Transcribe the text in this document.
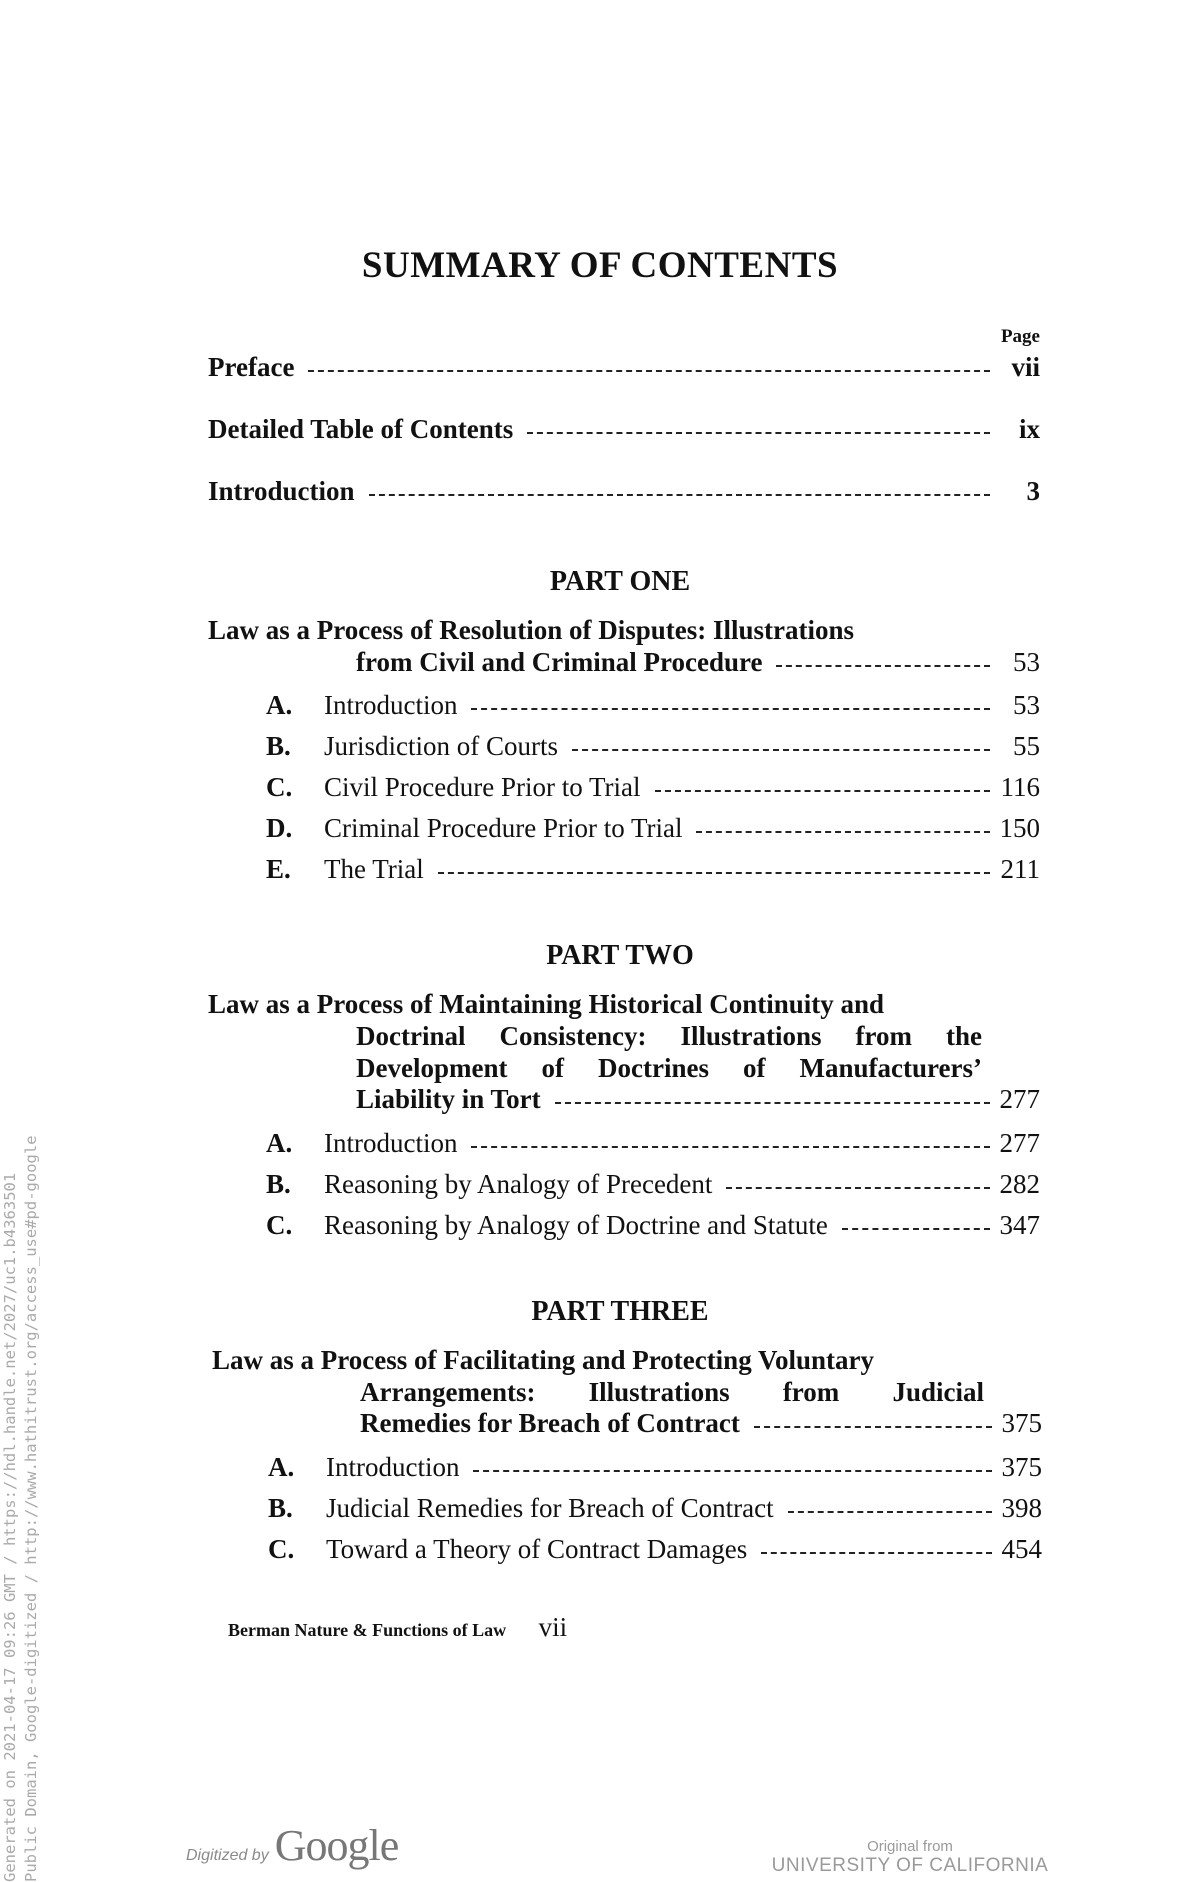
SUMMARY OF CONTENTS
Page
Preface	vii
Detailed Table of Contents	ix
Introduction	3
PART ONE
Law as a Process of Resolution of Disputes: Illustrations
from Civil and Criminal Procedure	53
A.	Introduction	53
B.	Jurisdiction of Courts	55
C.	Civil Procedure Prior to Trial	116
D.	Criminal Procedure Prior to Trial	150
E.	The Trial	211
PART TWO
Law as a Process of Maintaining Historical Continuity and
Doctrinal Consistency: Illustrations from the
Development of Doctrines of Manufacturers’
Liability in Tort	277
A.	Introduction	277
B.	Reasoning by Analogy of Precedent	282
C.	Reasoning by Analogy of Doctrine and Statute	347
PART THREE
Law as a Process of Facilitating and Protecting Voluntary
Arrangements: Illustrations from Judicial
Remedies for Breach of Contract	375
A.	Introduction	375
B.	Judicial Remedies for Breach of Contract	398
C.	Toward a Theory of Contract Damages	454
Berman Nature & Functions of Law vii
Generated on 2021-04-17 09:26 GMT / https://hdl.handle.net/2027/uc1.b4363501 Public Domain, Google-digitized / http://www.hathitrust.org/access_use#pd-google	Digitized by Google	Original from
UNIVERSITY OF CALIFORNIA
